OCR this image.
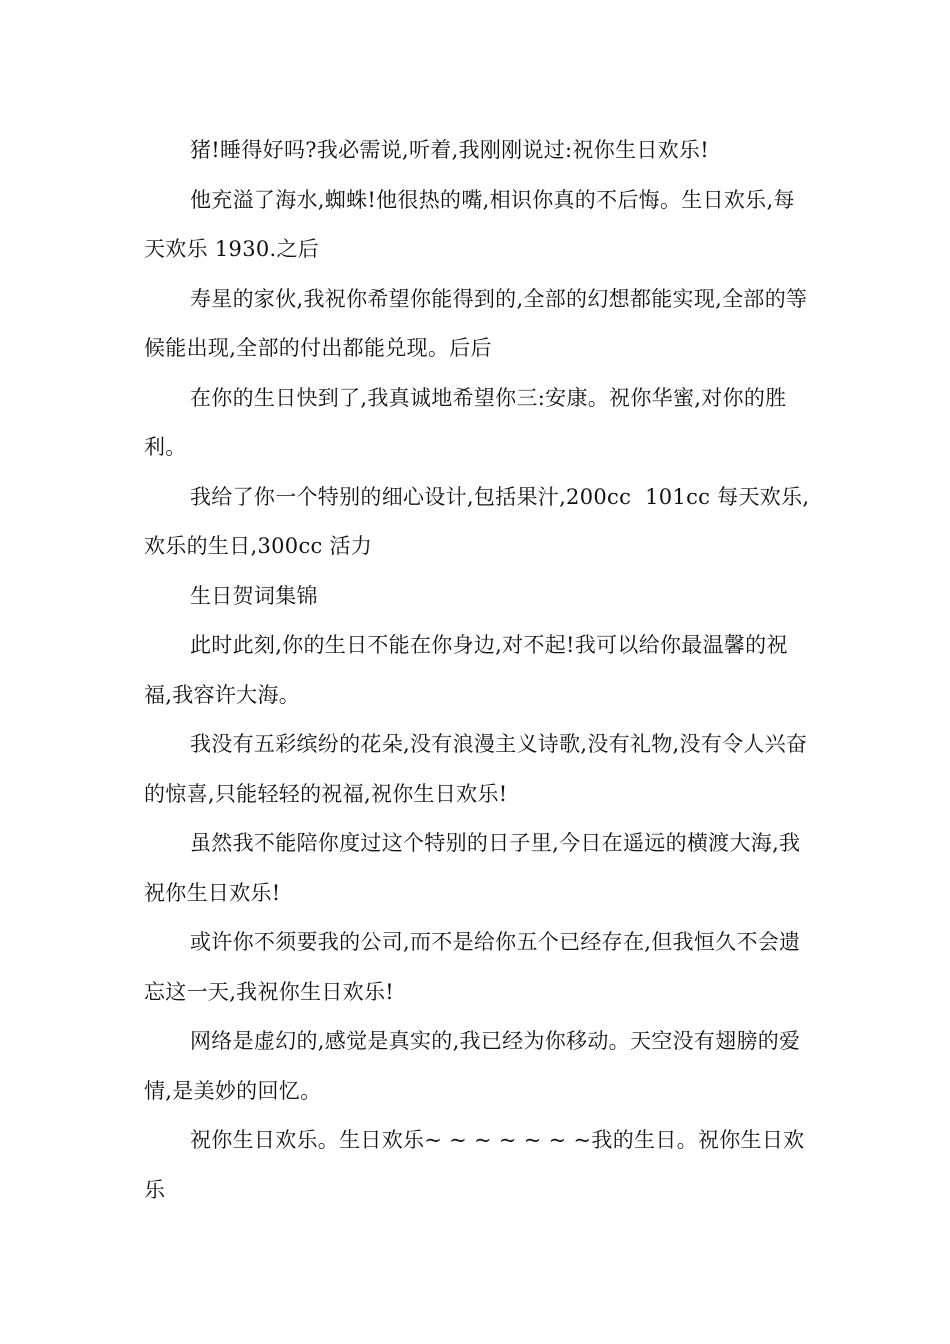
猪!睡得好吗?我必需说,听着,我刚刚说过:祝你生日欢乐!

他充溢了海水,蜘蛛!他很热的嘴,相识你真的不后悔。生日欢乐,每天欢乐 1930.之后

寿星的家伙,我祝你希望你能得到的,全部的幻想都能实现,全部的等候能出现,全部的付出都能兑现。后后

在你的生日快到了,我真诚地希望你三:安康。祝你华蜜,对你的胜利。

我给了你一个特别的细心设计,包括果汁,200cc  101cc 每天欢乐,欢乐的生日,300cc 活力

生日贺词集锦

此时此刻,你的生日不能在你身边,对不起!我可以给你最温馨的祝福,我容许大海。

我没有五彩缤纷的花朵,没有浪漫主义诗歌,没有礼物,没有令人兴奋的惊喜,只能轻轻的祝福,祝你生日欢乐!

虽然我不能陪你度过这个特别的日子里,今日在遥远的横渡大海,我祝你生日欢乐!

或许你不须要我的公司,而不是给你五个已经存在,但我恒久不会遗忘这一天,我祝你生日欢乐!

网络是虚幻的,感觉是真实的,我已经为你移动。天空没有翅膀的爱情,是美妙的回忆。

祝你生日欢乐。生日欢乐~ ~ ~ ~ ~ ~ ~我的生日。祝你生日欢乐
